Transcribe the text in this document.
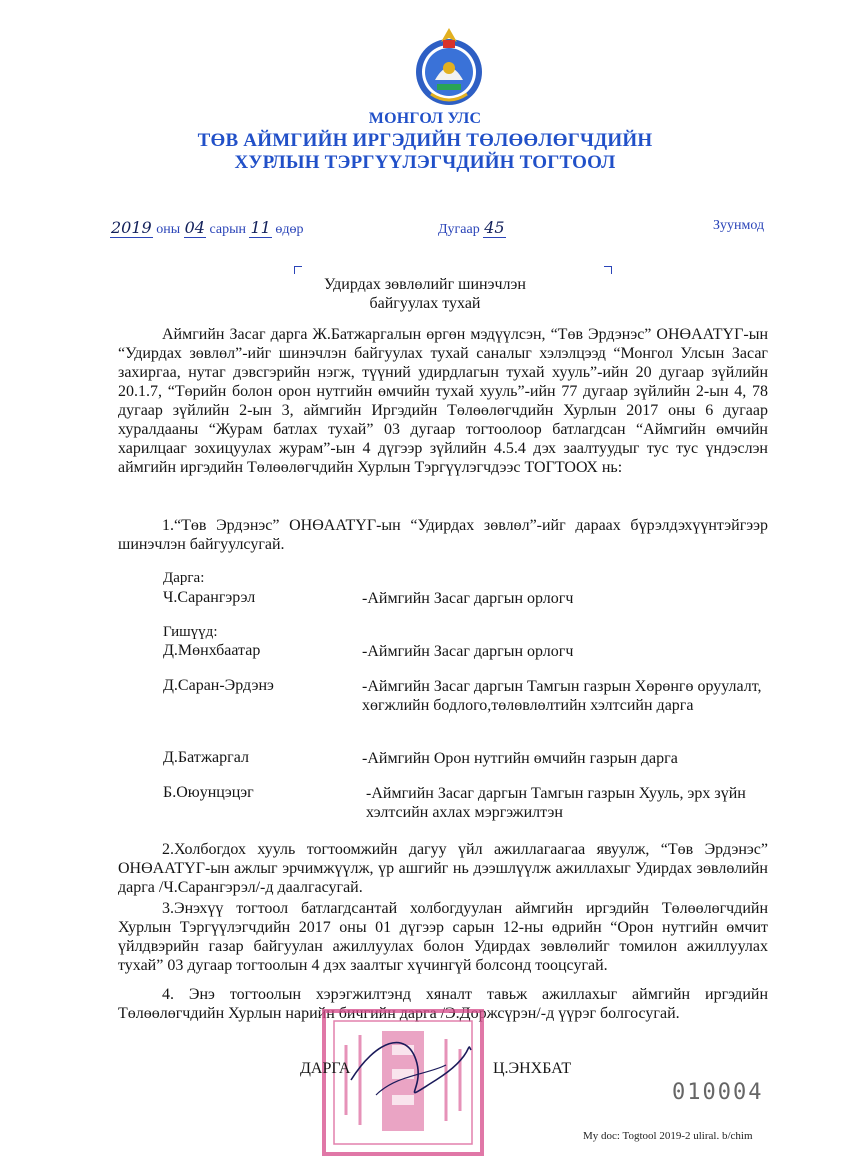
МОНГОЛ УЛС
ТӨВ АЙМГИЙН ИРГЭДИЙН ТӨЛӨӨЛӨГЧДИЙН
ХУРЛЫН ТЭРГҮҮЛЭГЧДИЙН ТОГТООЛ
2019 оны 04 сарын 11 өдөр	Дугаар 45	Зуунмод
Удирдах зөвлөлийг шинэчлэн
байгуулах тухай

Аймгийн Засаг дарга Ж.Батжаргалын өргөн мэдүүлсэн, “Төв Эрдэнэс” ОНӨААТҮГ-ын “Удирдах зөвлөл”-ийг шинэчлэн байгуулах тухай саналыг хэлэлцээд “Монгол Улсын Засаг захиргаа, нутаг дэвсгэрийн нэгж, түүний удирдлагын тухай хууль”-ийн 20 дугаар зүйлийн 20.1.7, “Төрийн болон орон нутгийн өмчийн тухай хууль”-ийн 77 дугаар зүйлийн 2-ын 4, 78 дугаар зүйлийн 2-ын 3, аймгийн Иргэдийн Төлөөлөгчдийн Хурлын 2017 оны 6 дугаар хуралдааны “Журам батлах тухай” 03 дугаар тогтоолоор батлагдсан “Аймгийн өмчийн харилцааг зохицуулах журам”-ын 4 дүгээр зүйлийн 4.5.4 дэх заалтуудыг тус тус үндэслэн аймгийн иргэдийн Төлөөлөгчдийн Хурлын Тэргүүлэгчдээс ТОГТООХ нь:

1.“Төв Эрдэнэс” ОНӨААТҮГ-ын “Удирдах зөвлөл”-ийг дараах бүрэлдэхүүнтэйгээр шинэчлэн байгуулсугай.

Дарга:
Ч.Сарангэрэл	-Аймгийн Засаг даргын орлогч
Гишүүд:
Д.Мөнхбаатар	-Аймгийн Засаг даргын орлогч
Д.Саран-Эрдэнэ	-Аймгийн Засаг даргын Тамгын газрын Хөрөнгө оруулалт, хөгжлийн бодлого,төлөвлөлтийн хэлтсийн дарга
Д.Батжаргал	-Аймгийн Орон нутгийн өмчийн газрын дарга
Б.Оюунцэцэг	-Аймгийн Засаг даргын Тамгын газрын Хууль, эрх зүйн хэлтсийн ахлах мэргэжилтэн

2.Холбогдох хууль тогтоомжийн дагуу үйл ажиллагаагаа явуулж, “Төв Эрдэнэс” ОНӨААТҮГ-ын ажлыг эрчимжүүлж, үр ашгийг нь дээшлүүлж ажиллахыг Удирдах зөвлөлийн дарга /Ч.Сарангэрэл/-д даалгасугай.

3.Энэхүү тогтоол батлагдсантай холбогдуулан аймгийн иргэдийн Төлөөлөгчдийн Хурлын Тэргүүлэгчдийн 2017 оны 01 дүгээр сарын 12-ны өдрийн “Орон нутгийн өмчит үйлдвэрийн газар байгуулан ажиллуулах болон Удирдах зөвлөлийг томилон ажиллуулах тухай” 03 дугаар тогтоолын 4 дэх заалтыг хүчингүй болсонд тооцсугай.

4. Энэ тогтоолын хэрэгжилтэнд хяналт тавьж ажиллахыг аймгийн иргэдийн Төлөөлөгчдийн Хурлын нарийн бичгийн дарга /Э.Доржсүрэн/-д үүрэг болгосугай.

ДАРГА	Ц.ЭНХБАТ
010004
My doc: Togtool 2019-2 uliral. b/chim
